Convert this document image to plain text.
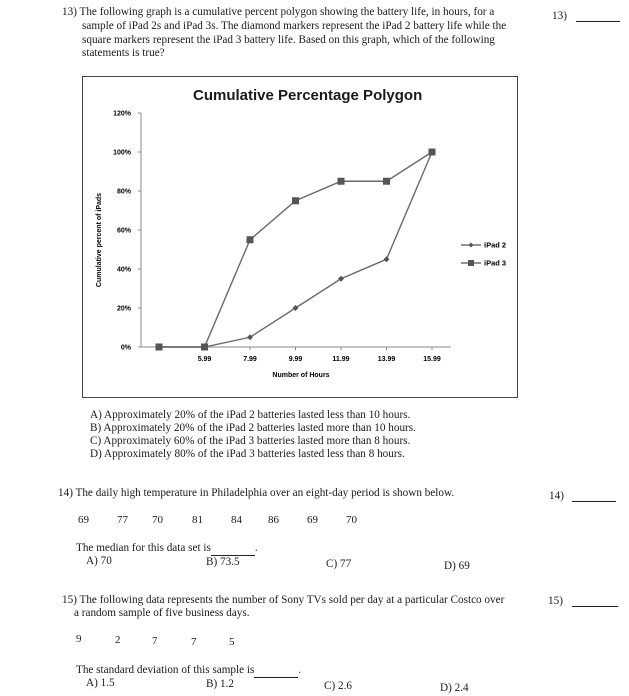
13) The following graph is a cumulative percent polygon showing the battery life, in hours, for a
sample of iPad 2s and iPad 3s. The diamond markers represent the iPad 2 battery life while the
square markers represent the iPad 3 battery life. Based on this graph, which of the following
statements is true?
13)
Cumulative Percentage Polygon
0%
20%
40%
60%
80%
100%
120%
5.99	7.99	9.99	11.99	13.99	15.99
Number of Hours
Cumulative percent of iPads	iPad 2
iPad 3
A) Approximately 20% of the iPad 2 batteries lasted less than 10 hours.
B) Approximately 20% of the iPad 2 batteries lasted more than 10 hours.
C) Approximately 60% of the iPad 3 batteries lasted more than 8 hours.
D) Approximately 80% of the iPad 3 batteries lasted less than 8 hours.
14) The daily high temperature in Philadelphia over an eight-day period is shown below.	14)
69	77 70	81	84 86	69	70
The median for this data set is	.
A) 70	B) 73.5	C) 77	D) 69
15) The following data represents the number of Sony TVs sold per day at a particular Costco over
a random sample of five business days.
15)
9	2	7	7	5
The standard deviation of this sample is	.
A) 1.5	B) 1.2	C) 2.6	D) 2.4
